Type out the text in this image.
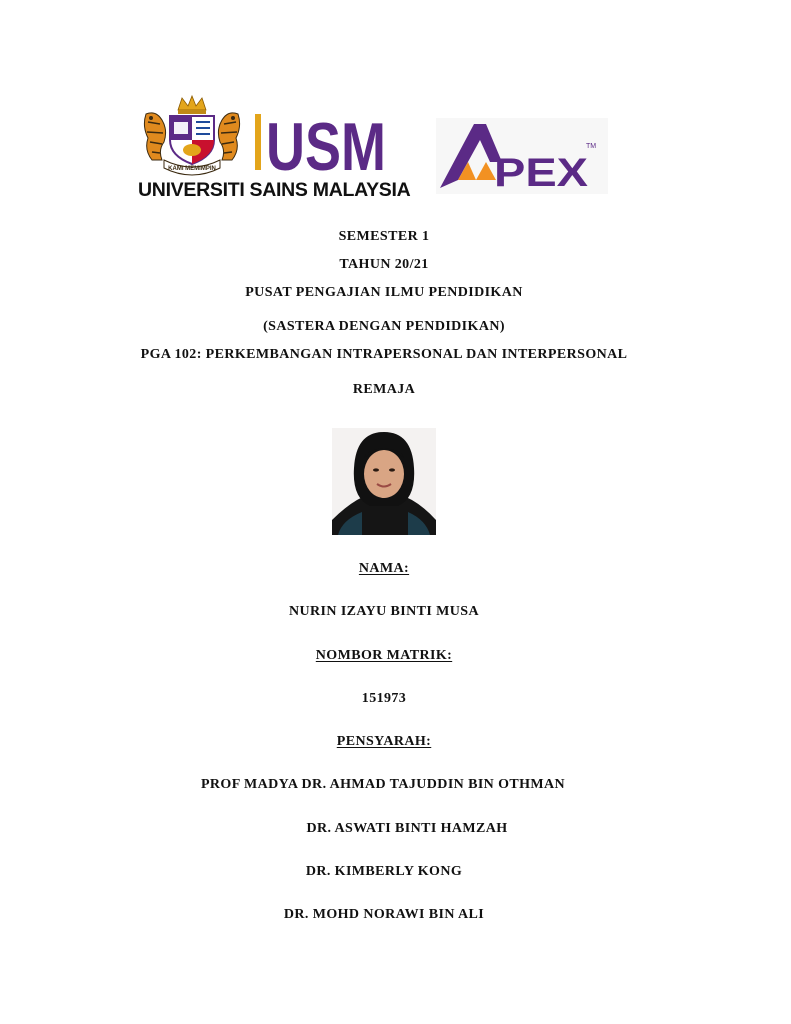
KAMI MEMIMPIN USM
UNIVERSITI SAINS MALAYSIA PEX
TM
SEMESTER 1
TAHUN 20/21
PUSAT PENGAJIAN ILMU PENDIDIKAN
(SASTERA DENGAN PENDIDIKAN)
PGA 102: PERKEMBANGAN INTRAPERSONAL DAN INTERPERSONAL
REMAJA
NAMA:
NURIN IZAYU BINTI MUSA
NOMBOR MATRIK:
151973
PENSYARAH:
PROF MADYA DR. AHMAD TAJUDDIN BIN OTHMAN
DR. ASWATI BINTI HAMZAH
DR. KIMBERLY KONG
DR. MOHD NORAWI BIN ALI
